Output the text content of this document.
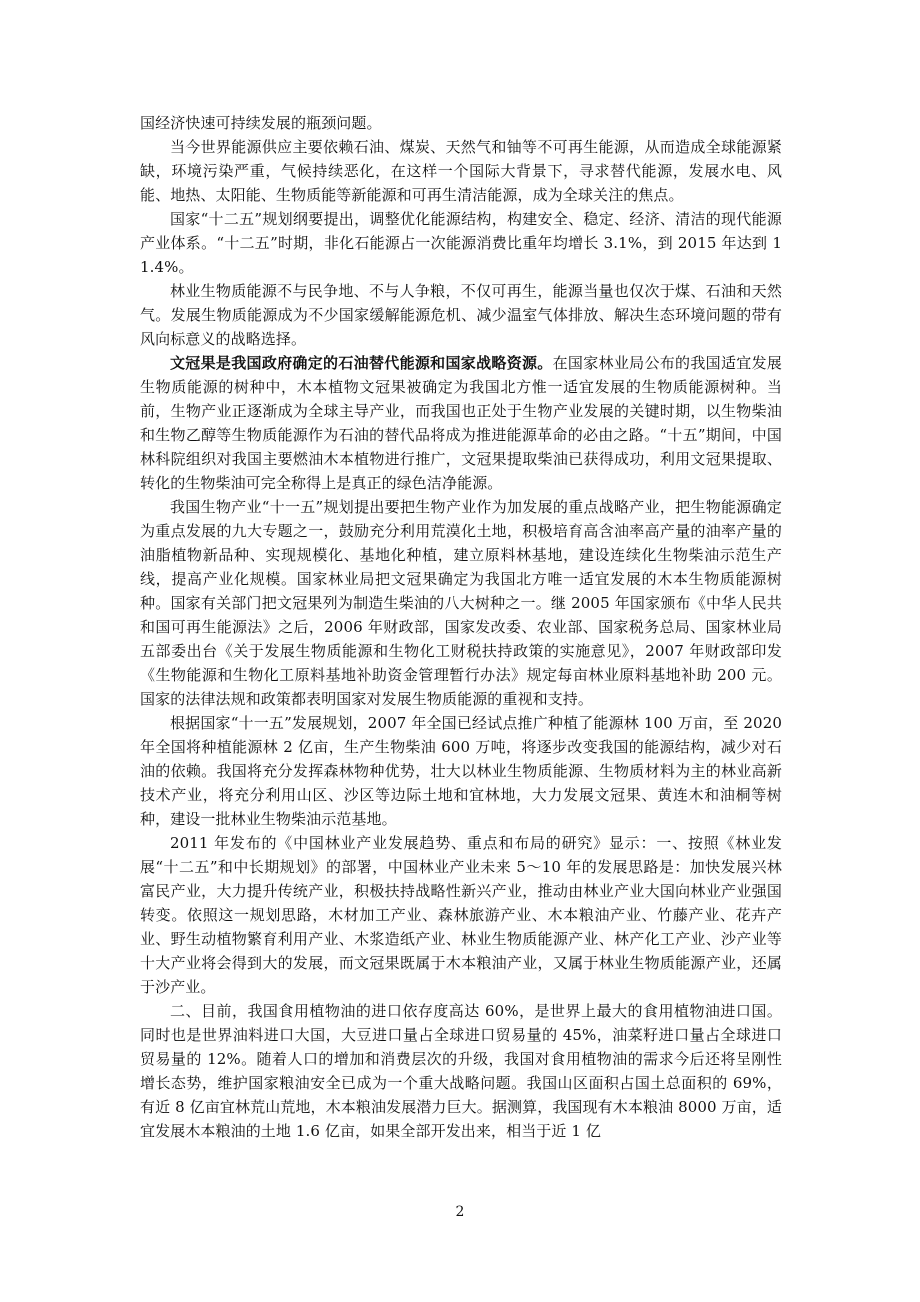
国经济快速可持续发展的瓶颈问题。

当今世界能源供应主要依赖石油、煤炭、天然气和铀等不可再生能源，从而造成全球能源紧缺，环境污染严重，气候持续恶化，在这样一个国际大背景下，寻求替代能源，发展水电、风能、地热、太阳能、生物质能等新能源和可再生清洁能源，成为全球关注的焦点。

国家“十二五”规划纲要提出，调整优化能源结构，构建安全、稳定、经济、清洁的现代能源产业体系。“十二五”时期，非化石能源占一次能源消费比重年均增长 3.1%，到 2015 年达到 11.4%。

林业生物质能源不与民争地、不与人争粮，不仅可再生，能源当量也仅次于煤、石油和天然气。发展生物质能源成为不少国家缓解能源危机、减少温室气体排放、解决生态环境问题的带有风向标意义的战略选择。

文冠果是我国政府确定的石油替代能源和国家战略资源。在国家林业局公布的我国适宜发展生物质能源的树种中，木本植物文冠果被确定为我国北方惟一适宜发展的生物质能源树种。当前，生物产业正逐渐成为全球主导产业，而我国也正处于生物产业发展的关键时期，以生物柴油和生物乙醇等生物质能源作为石油的替代品将成为推进能源革命的必由之路。“十五”期间，中国林科院组织对我国主要燃油木本植物进行推广，文冠果提取柴油已获得成功，利用文冠果提取、转化的生物柴油可完全称得上是真正的绿色洁净能源。

我国生物产业“十一五”规划提出要把生物产业作为加发展的重点战略产业，把生物能源确定为重点发展的九大专题之一，鼓励充分利用荒漠化土地，积极培育高含油率高产量的油率产量的油脂植物新品种、实现规模化、基地化种植，建立原料林基地，建设连续化生物柴油示范生产线，提高产业化规模。国家林业局把文冠果确定为我国北方唯一适宜发展的木本生物质能源树种。国家有关部门把文冠果列为制造生柴油的八大树种之一。继 2005 年国家颁布《中华人民共和国可再生能源法》之后，2006 年财政部，国家发改委、农业部、国家税务总局、国家林业局五部委出台《关于发展生物质能源和生物化工财税扶持政策的实施意见》，2007 年财政部印发《生物能源和生物化工原料基地补助资金管理暂行办法》规定每亩林业原料基地补助 200 元。国家的法律法规和政策都表明国家对发展生物质能源的重视和支持。

根据国家“十一五”发展规划，2007 年全国已经试点推广种植了能源林 100 万亩，至 2020 年全国将种植能源林 2 亿亩，生产生物柴油 600 万吨，将逐步改变我国的能源结构，减少对石油的依赖。我国将充分发挥森林物种优势，壮大以林业生物质能源、生物质材料为主的林业高新技术产业，将充分利用山区、沙区等边际土地和宜林地，大力发展文冠果、黄连木和油桐等树种，建设一批林业生物柴油示范基地。

2011 年发布的《中国林业产业发展趋势、重点和布局的研究》显示：一、按照《林业发展“十二五”和中长期规划》的部署，中国林业产业未来 5～10 年的发展思路是：加快发展兴林富民产业，大力提升传统产业，积极扶持战略性新兴产业，推动由林业产业大国向林业产业强国转变。依照这一规划思路，木材加工产业、森林旅游产业、木本粮油产业、竹藤产业、花卉产业、野生动植物繁育利用产业、木浆造纸产业、林业生物质能源产业、林产化工产业、沙产业等十大产业将会得到大的发展，而文冠果既属于木本粮油产业，又属于林业生物质能源产业，还属于沙产业。

二、目前，我国食用植物油的进口依存度高达 60%，是世界上最大的食用植物油进口国。同时也是世界油料进口大国，大豆进口量占全球进口贸易量的 45%，油菜籽进口量占全球进口贸易量的 12%。随着人口的增加和消费层次的升级，我国对食用植物油的需求今后还将呈刚性增长态势，维护国家粮油安全已成为一个重大战略问题。我国山区面积占国土总面积的 69%，有近 8 亿亩宜林荒山荒地，木本粮油发展潜力巨大。据测算，我国现有木本粮油 8000 万亩，适宜发展木本粮油的土地 1.6 亿亩，如果全部开发出来，相当于近 1 亿

2
